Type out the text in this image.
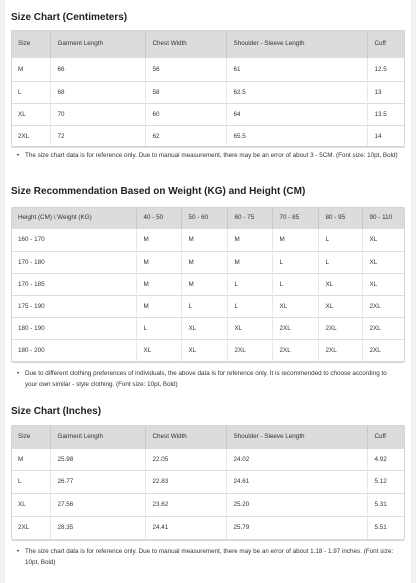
Size Chart (Centimeters)
Size	Garment Length	Chest Width	Shoulder - Sleeve Length	Cuff
M	66	56	61	12.5
L	68	58	62.5	13
XL	70	60	64	13.5
2XL	72	62	65.5	14
• The size chart data is for reference only. Due to manual measurement, there may be an error of about 3 - 5CM. (Font size: 10pt, Bold)
Size Recommendation Based on Weight (KG) and Height (CM)
Height (CM) \ Weight (KG)	40 - 50	50 - 60	60 - 75	70 - 85	80 - 95	90 - 110
160 - 170	M	M	M	M	L	XL
170 - 180	M	M	M	L	L	XL
170 - 185	M	M	L	L	XL	XL
175 - 190	M	L	L	XL	XL	2XL
180 - 190	L	XL	XL	2XL	2XL	2XL
180 - 200	XL	XL	2XL	2XL	2XL	2XL
• Due to different clothing preferences of individuals, the above data is for reference only. It is recommended to choose according to your own similar - style clothing. (Font size: 10pt, Bold)
Size Chart (Inches)
Size	Garment Length	Chest Width	Shoulder - Sleeve Length	Cuff
M	25.98	22.05	24.02	4.92
L	26.77	22.83	24.61	5.12
XL	27.56	23.62	25.20	5.31
2XL	28.35	24.41	25.79	5.51
• The size chart data is for reference only. Due to manual measurement, there may be an error of about 1.18 - 1.97 inches. (Font size: 10pt, Bold)
